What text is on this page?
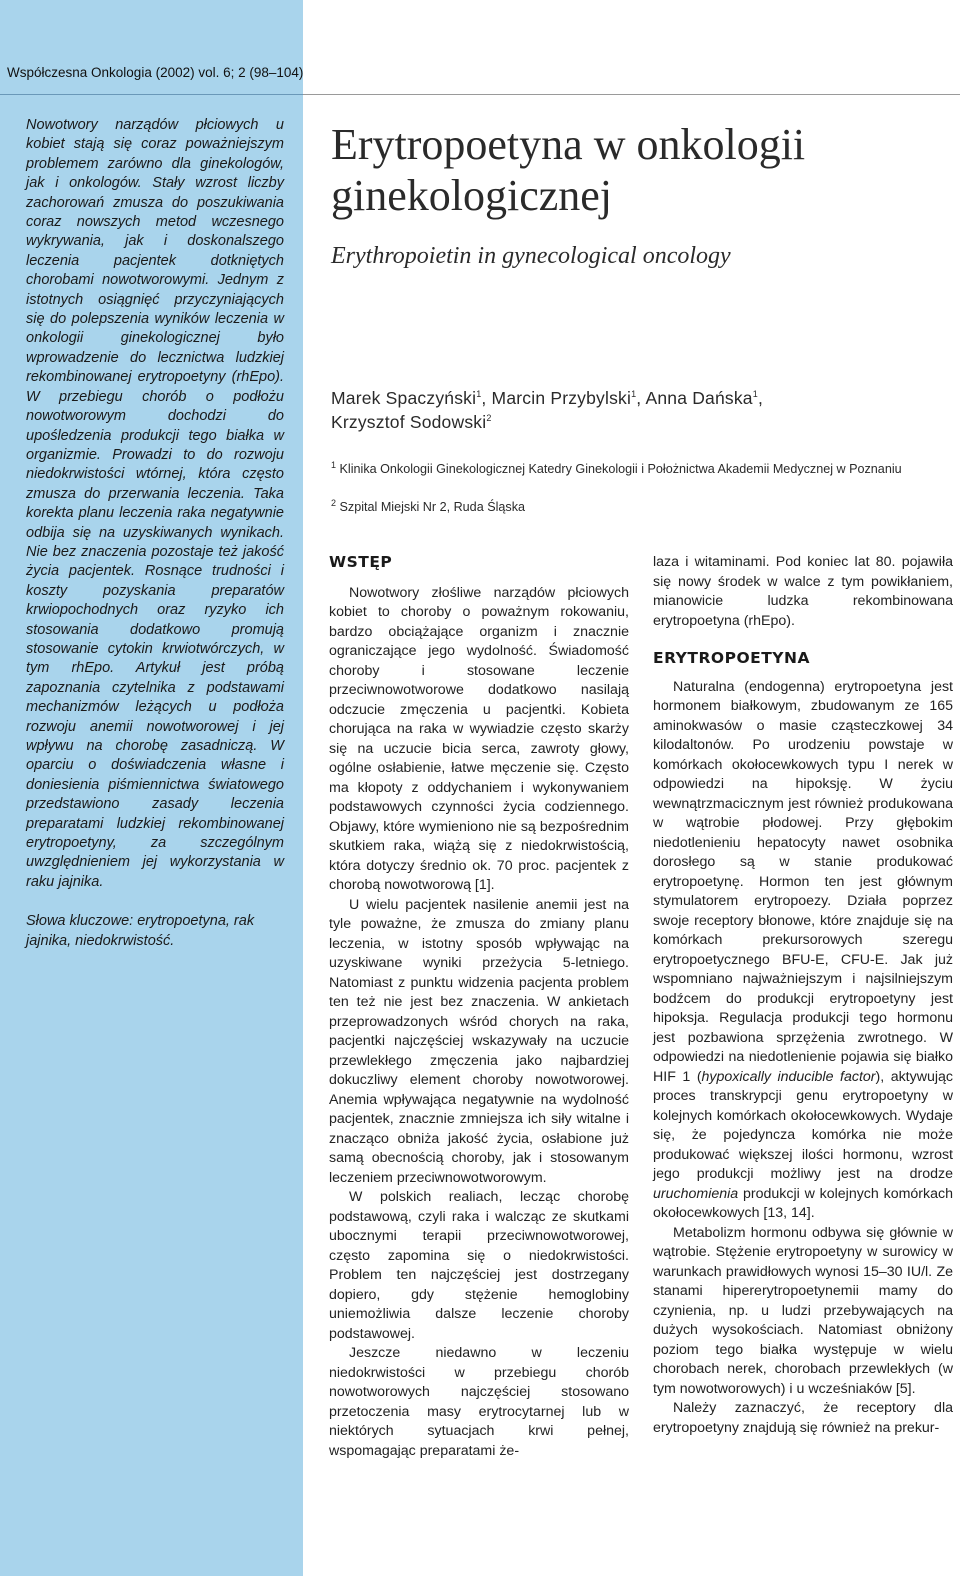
Współczesna Onkologia (2002) vol. 6; 2 (98–104)

Nowotwory narządów płciowych u kobiet stają się coraz poważniejszym problemem zarówno dla ginekologów, jak i onkologów. Stały wzrost liczby zachorowań zmusza do poszukiwania coraz nowszych metod wczesnego wykrywania, jak i doskonalszego leczenia pacjentek dotkniętych chorobami nowotworowymi. Jednym z istotnych osiągnięć przyczyniających się do polepszenia wyników leczenia w onkologii ginekologicznej było wprowadzenie do lecznictwa ludzkiej rekombinowanej erytropoetyny (rhEpo). W przebiegu chorób o podłożu nowotworowym dochodzi do upośledzenia produkcji tego białka w organizmie. Prowadzi to do rozwoju niedokrwistości wtórnej, która często zmusza do przerwania leczenia. Taka korekta planu leczenia raka negatywnie odbija się na uzyskiwanych wynikach. Nie bez znaczenia pozostaje też jakość życia pacjentek. Rosnące trudności i koszty pozyskania preparatów krwiopochodnych oraz ryzyko ich stosowania dodatkowo promują stosowanie cytokin krwiotwórczych, w tym rhEpo. Artykuł jest próbą zapoznania czytelnika z podstawami mechanizmów leżących u podłoża rozwoju anemii nowotworowej i jej wpływu na chorobę zasadniczą. W oparciu o doświadczenia własne i doniesienia piśmiennictwa światowego przedstawiono zasady leczenia preparatami ludzkiej rekombinowanej erytropoetyny, za szczególnym uwzględnieniem jej wykorzystania w raku jajnika.

Słowa kluczowe: erytropoetyna, rak jajnika, niedokrwistość.

Erytropoetyna w onkologii ginekologicznej

Erythropoietin in gynecological oncology

Marek Spaczyński$^1$, Marcin Przybylski$^1$, Anna Dańska$^1$,
Krzysztof Sodowski$^2$
$^1$ Klinika Onkologii Ginekologicznej Katedry Ginekologii i Położnictwa Akademii Medycznej w Poznaniu
$^2$ Szpital Miejski Nr 2, Ruda Śląska
WSTĘP

Nowotwory złośliwe narządów płciowych kobiet to choroby o poważnym rokowaniu, bardzo obciążające organizm i znacznie ograniczające jego wydolność. Świadomość choroby i stosowane leczenie przeciwnowotworowe dodatkowo nasilają odczucie zmęczenia u pacjentki. Kobieta chorująca na raka w wywiadzie często skarży się na uczucie bicia serca, zawroty głowy, ogólne osłabienie, łatwe męczenie się. Często ma kłopoty z oddychaniem i wykonywaniem podstawowych czynności życia codziennego. Objawy, które wymieniono nie są bezpośrednim skutkiem raka, wiążą się z niedokrwistością, która dotyczy średnio ok. 70 proc. pacjentek z chorobą nowotworową [1].

U wielu pacjentek nasilenie anemii jest na tyle poważne, że zmusza do zmiany planu leczenia, w istotny sposób wpływając na uzyskiwane wyniki przeżycia 5-letniego. Natomiast z punktu widzenia pacjenta problem ten też nie jest bez znaczenia. W ankietach przeprowadzonych wśród chorych na raka, pacjentki najczęściej wskazywały na uczucie przewlekłego zmęczenia jako najbardziej dokuczliwy element choroby nowotworowej. Anemia wpływająca negatywnie na wydolność pacjentek, znacznie zmniejsza ich siły witalne i znacząco obniża jakość życia, osłabione już samą obecnością choroby, jak i stosowanym leczeniem przeciwnowotworowym.

W polskich realiach, lecząc chorobę podstawową, czyli raka i walcząc ze skutkami ubocznymi terapii przeciwnowotworowej, często zapomina się o niedokrwistości. Problem ten najczęściej jest dostrzegany dopiero, gdy stężenie hemoglobiny uniemożliwia dalsze leczenie choroby podstawowej.

Jeszcze niedawno w leczeniu niedokrwistości w przebiegu chorób nowotworowych najczęściej stosowano przetoczenia masy erytrocytarnej lub w niektórych sytuacjach krwi pełnej, wspomagając preparatami że-

laza i witaminami. Pod koniec lat 80. pojawiła się nowy środek w walce z tym powikłaniem, mianowicie ludzka rekombinowana erytropoetyna (rhEpo).

ERYTROPOETYNA

Naturalna (endogenna) erytropoetyna jest hormonem białkowym, zbudowanym ze 165 aminokwasów o masie cząsteczkowej 34 kilodaltonów. Po urodzeniu powstaje w komórkach okołocewkowych typu I nerek w odpowiedzi na hipoksję. W życiu wewnątrzmacicznym jest również produkowana w wątrobie płodowej. Przy głębokim niedotlenieniu hepatocyty nawet osobnika dorosłego są w stanie produkować erytropoetynę. Hormon ten jest głównym stymulatorem erytropoezy. Działa poprzez swoje receptory błonowe, które znajduje się na komórkach prekursorowych szeregu erytropoetycznego BFU-E, CFU-E. Jak już wspomniano najważniejszym i najsilniejszym bodźcem do produkcji erytropoetyny jest hipoksja. Regulacja produkcji tego hormonu jest pozbawiona sprzężenia zwrotnego. W odpowiedzi na niedotlenienie pojawia się białko HIF 1 (hypoxically inducible factor), aktywując proces transkrypcji genu erytropoetyny w kolejnych komórkach okołocewkowych. Wydaje się, że pojedyncza komórka nie może produkować większej ilości hormonu, wzrost jego produkcji możliwy jest na drodze uruchomienia produkcji w kolejnych komórkach okołocewkowych [13, 14].

Metabolizm hormonu odbywa się głównie w wątrobie. Stężenie erytropoetyny w surowicy w warunkach prawidłowych wynosi 15–30 IU/l. Ze stanami hipererytropoetynemii mamy do czynienia, np. u ludzi przebywających na dużych wysokościach. Natomiast obniżony poziom tego białka występuje w wielu chorobach nerek, chorobach przewlekłych (w tym nowotworowych) i u wcześniaków [5].

Należy zaznaczyć, że receptory dla erytropoetyny znajdują się również na prekur-
